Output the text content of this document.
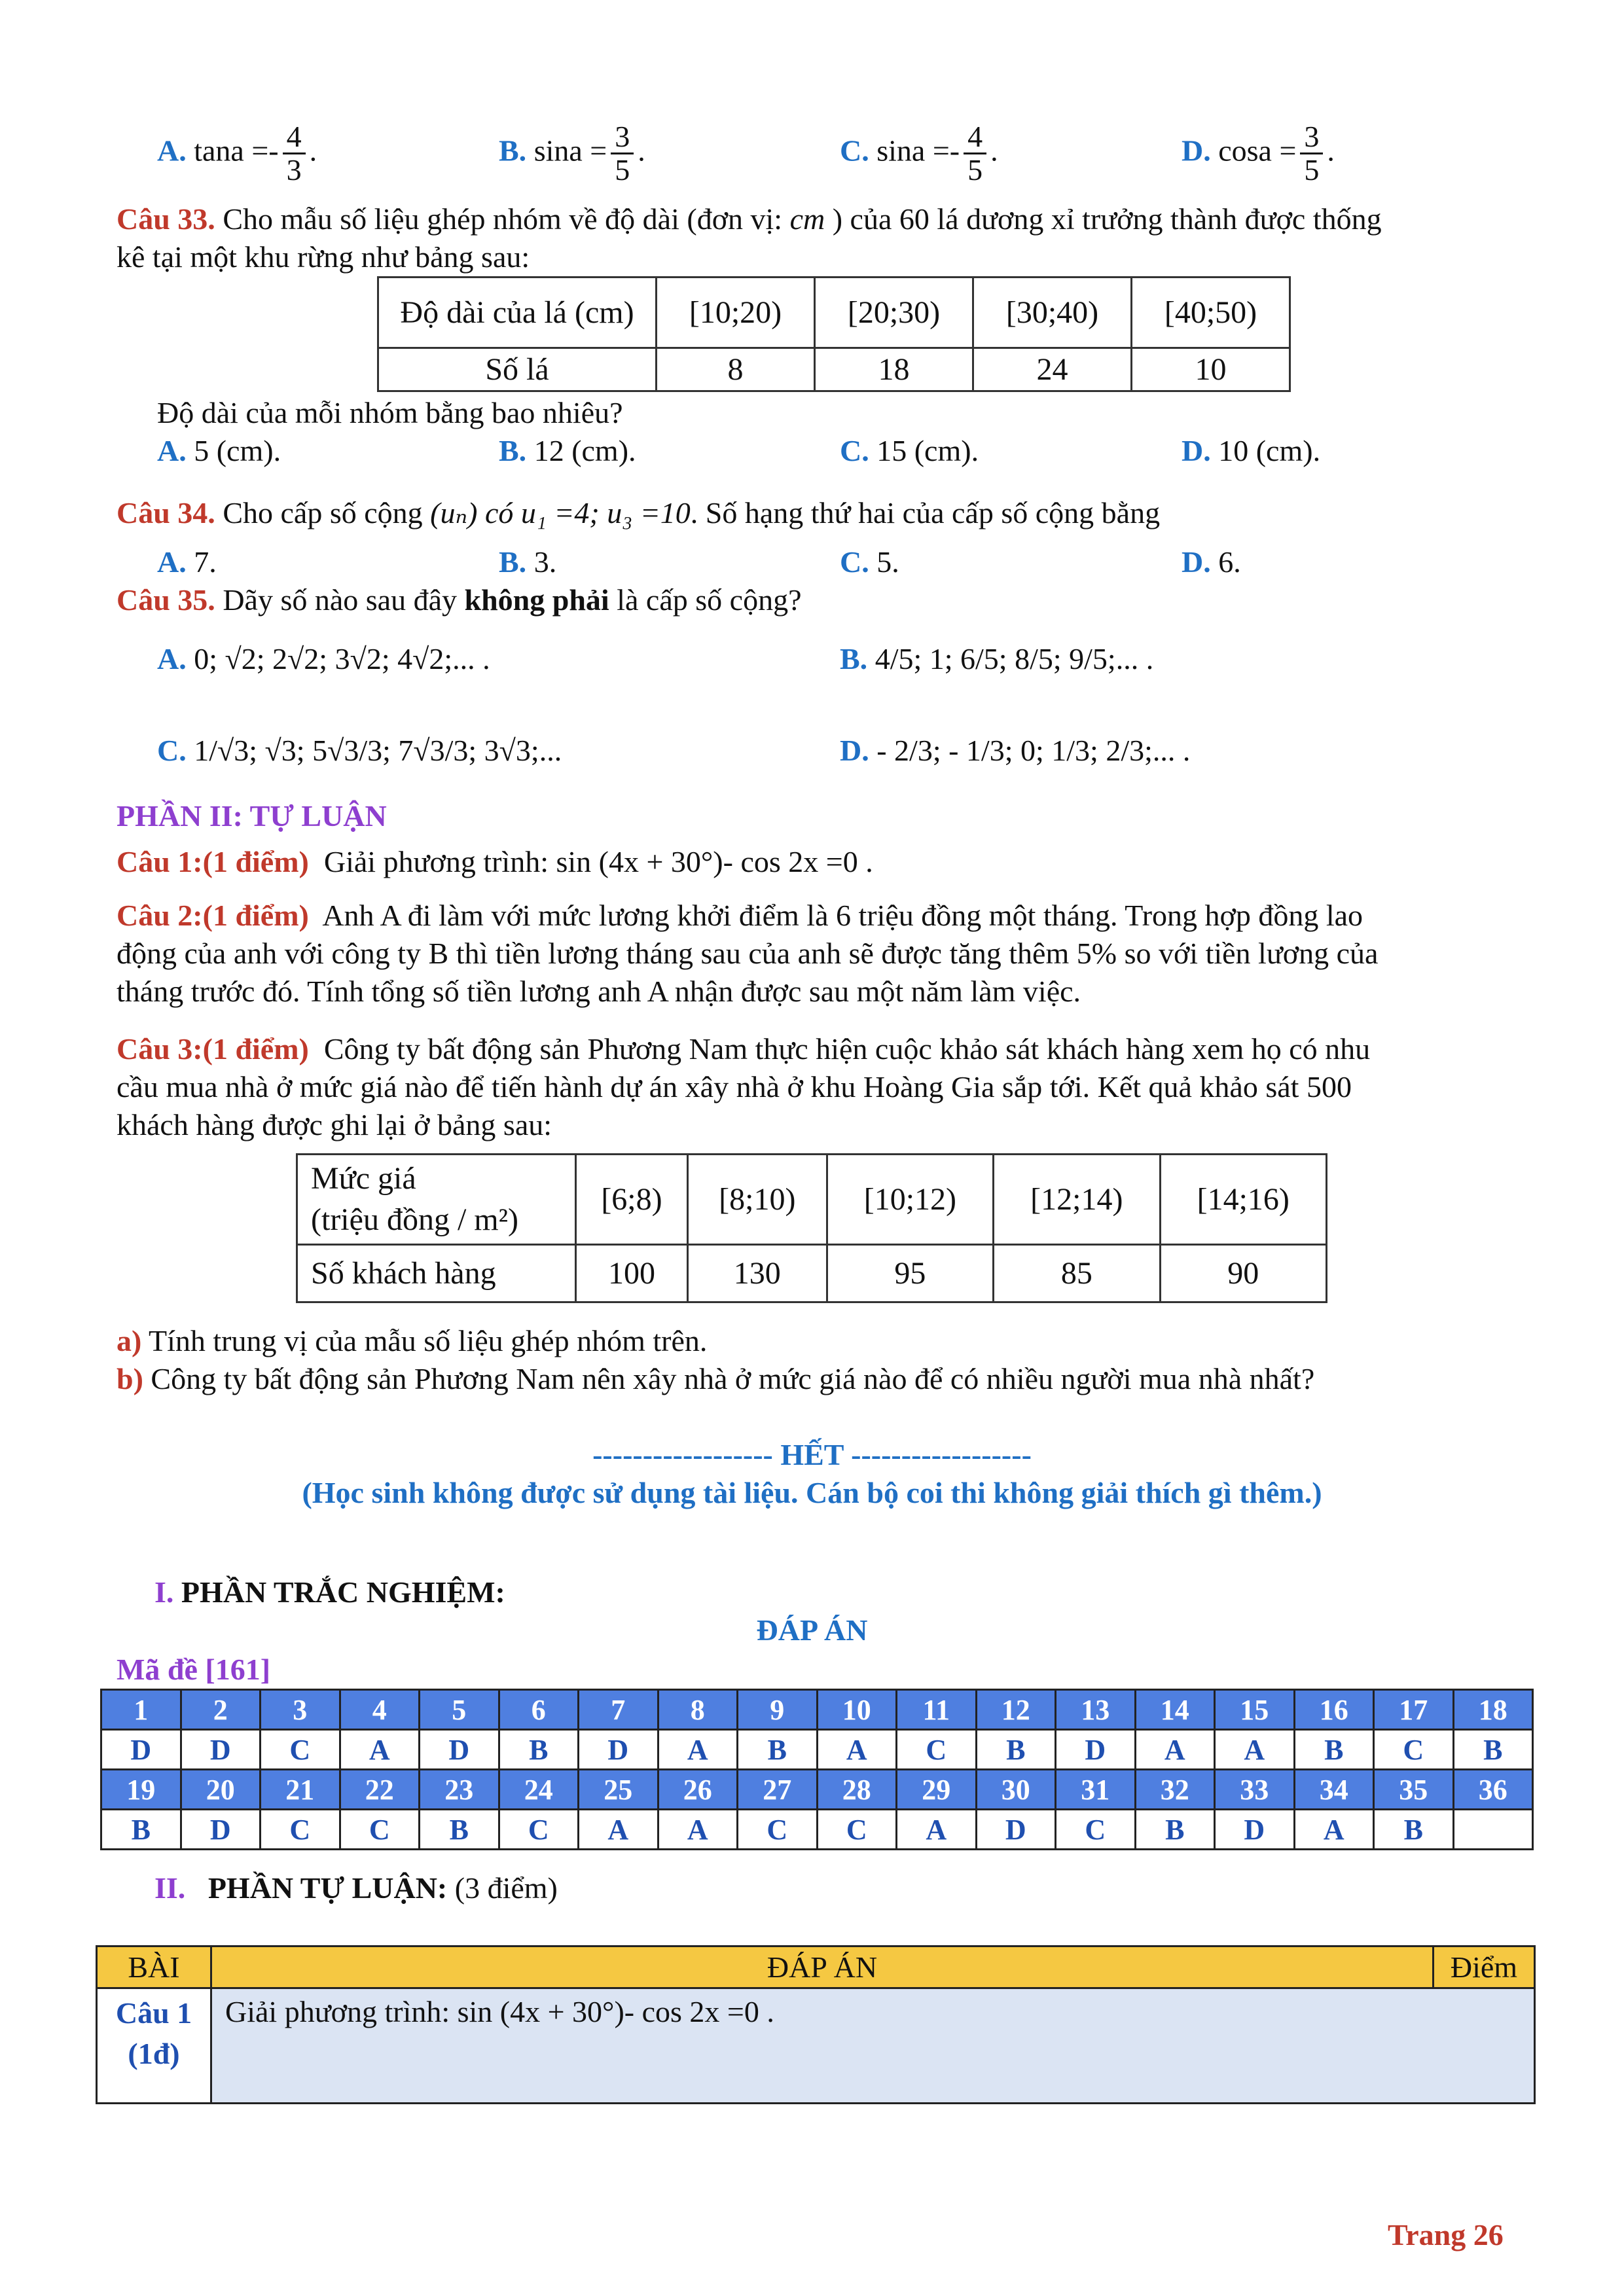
A. $\tan a =- \frac{4}{3}$ .	B. $\sin a = \frac{3}{5}$ .	C. $\sin a =- \frac{4}{5}$ .	D. $\cos a = \frac{3}{5}$ .
Câu 33. Cho mẫu số liệu ghép nhóm về độ dài (đơn vị: cm ) của 60 lá dương xỉ trưởng thành được thống
kê tại một khu rừng như bảng sau:
Độ dài của lá (cm)	[10;20)	[20;30)	[30;40)	[40;50)
Số lá	8	18	24	10
Độ dài của mỗi nhóm bằng bao nhiêu?
A. 5 (cm).	B. 12 (cm).	C. 15 (cm).	D. 10 (cm).
Câu 34. Cho cấp số cộng (uₙ) có u₁ =4; u₃ =10. Số hạng thứ hai của cấp số cộng bằng
A. 7.	B. 3.	C. 5.	D. 6.
Câu 35. Dãy số nào sau đây không phải là cấp số cộng?
A. 0; √2; 2√2; 3√2; 4√2;... .	B. 4/5; 1; 6/5; 8/5; 9/5;... .
C. 1/√3; √3; 5√3/3; 7√3/3; 3√3;...	D. - 2/3; - 1/3; 0; 1/3; 2/3;... .
PHẦN II: TỰ LUẬN
Câu 1:(1 điểm) Giải phương trình: sin (4x + 30°)- cos 2x =0 .
Câu 2:(1 điểm) Anh A đi làm với mức lương khởi điểm là 6 triệu đồng một tháng. Trong hợp đồng lao
động của anh với công ty B thì tiền lương tháng sau của anh sẽ được tăng thêm 5% so với tiền lương của
tháng trước đó. Tính tổng số tiền lương anh A nhận được sau một năm làm việc.
Câu 3:(1 điểm) Công ty bất động sản Phương Nam thực hiện cuộc khảo sát khách hàng xem họ có nhu
cầu mua nhà ở mức giá nào để tiến hành dự án xây nhà ở khu Hoàng Gia sắp tới. Kết quả khảo sát 500
khách hàng được ghi lại ở bảng sau:
Mức giá
(triệu đồng / m²)	[6;8)	[8;10)	[10;12)	[12;14)	[14;16)
Số khách hàng	100	130	95	85	90
a) Tính trung vị của mẫu số liệu ghép nhóm trên.
b) Công ty bất động sản Phương Nam nên xây nhà ở mức giá nào để có nhiều người mua nhà nhất?
------------------ HẾT ------------------
(Học sinh không được sử dụng tài liệu. Cán bộ coi thi không giải thích gì thêm.)
I. PHẦN TRẮC NGHIỆM:
ĐÁP ÁN
Mã đề [161]
1	2	3	4	5	6	7	8	9	10	11	12	13	14	15	16	17	18
D	D	C	A	D	B	D	A	B	A	C	B	D	A	A	B	C	B
19	20	21	22	23	24	25	26	27	28	29	30	31	32	33	34	35	36
B	D	C	C	B	C	A	A	C	C	A	D	C	B	D	A	B	
II. PHẦN TỰ LUẬN: (3 điểm)
BÀI	ĐÁP ÁN	Điểm

Câu 1
(1đ)	Giải phương trình: sin (4x + 30°)- cos 2x =0 .	
Trang 26
